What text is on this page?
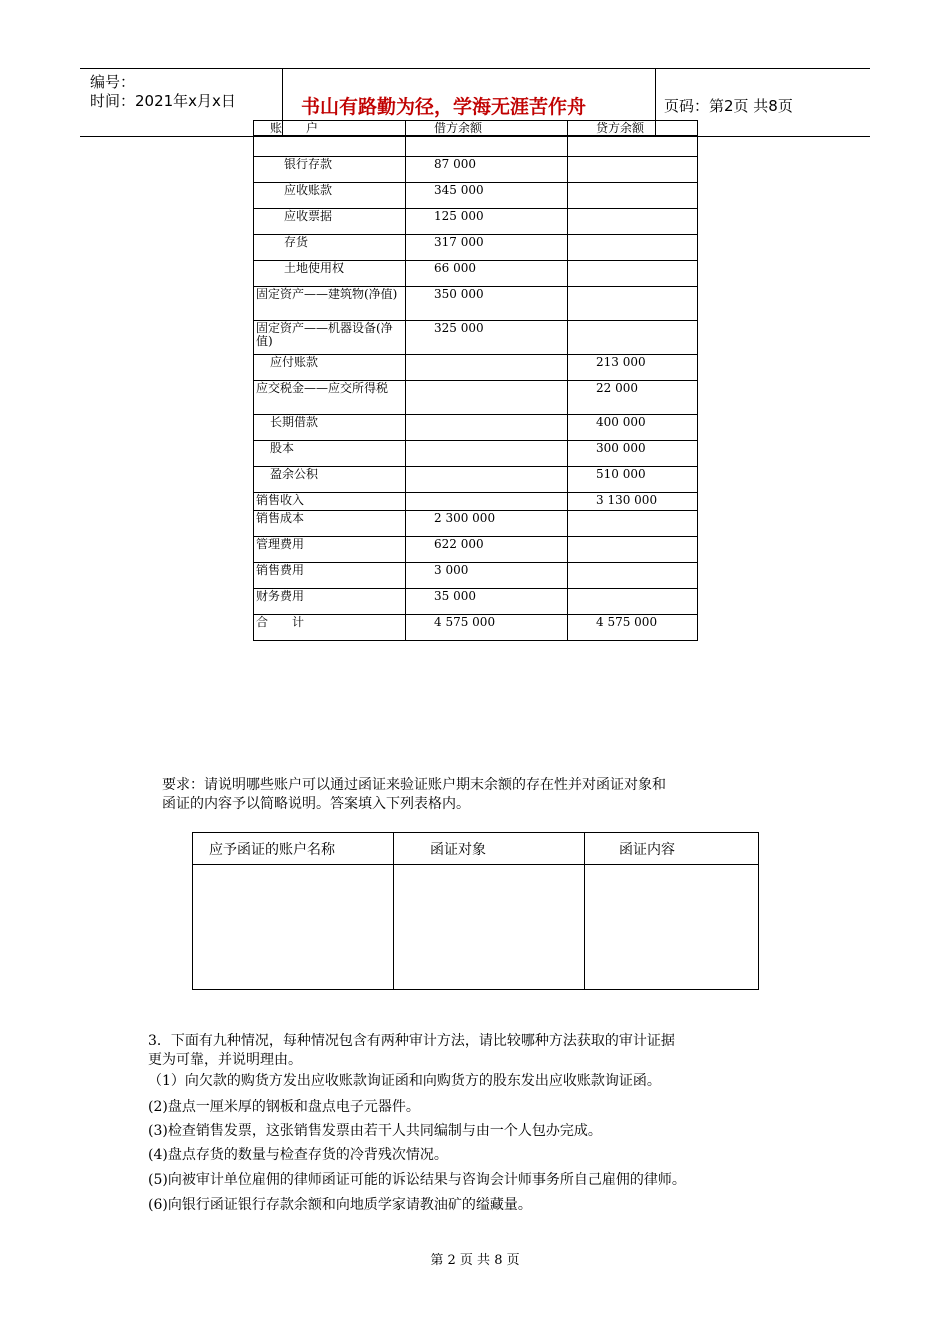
编号：
时间：2021年x月x日	书山有路勤为径，学海无涯苦作舟	页码：第2页 共8页
账　　户	借方余额	贷方余额

银行存款	87 000	
应收账款	345 000	
应收票据	125 000	
存货	317 000	
土地使用权	66 000	
固定资产——建筑物(净值)	350 000	
固定资产——机器设备(净值)	325 000	
应付账款		213 000
应交税金——应交所得税		22 000
长期借款		400 000
股本		300 000
盈余公积		510 000
销售收入		3 130 000
销售成本	2 300 000	
管理费用	622 000	
销售费用	3 000	
财务费用	35 000	
合　　计	4 575 000	4 575 000
要求：请说明哪些账户可以通过函证来验证账户期末余额的存在性并对函证对象和
函证的内容予以简略说明。答案填入下列表格内。
应予函证的账户名称	函证对象	函证内容

3．下面有九种情况，每种情况包含有两种审计方法，请比较哪种方法获取的审计证据
更为可靠，并说明理由。
（1）向欠款的购货方发出应收账款询证函和向购货方的股东发出应收账款询证函。
(2)盘点一厘米厚的钢板和盘点电子元器件。
(3)检查销售发票，这张销售发票由若干人共同编制与由一个人包办完成。
(4)盘点存货的数量与检查存货的冷背残次情况。
(5)向被审计单位雇佣的律师函证可能的诉讼结果与咨询会计师事务所自己雇佣的律师。
(6)向银行函证银行存款余额和向地质学家请教油矿的缢藏量。
第 2 页 共 8 页
